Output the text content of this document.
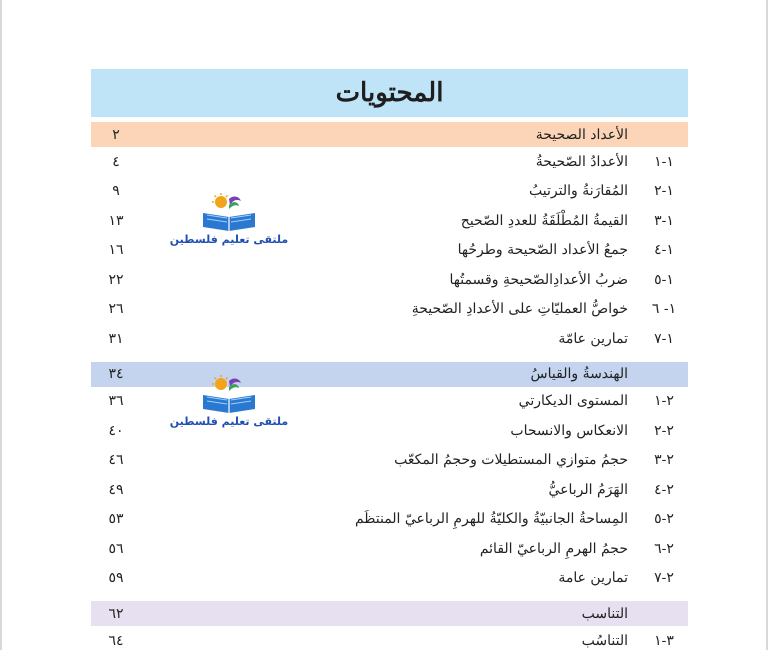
المحتويات
الأعداد الصحيحة
٢
١-١
الأعدادُ الصّحيحةُ
٤
١-٢
المُقارَنةُ والترتيبُ
٩
١-٣
القيمةُ المُطْلَقَةُ للعددِ الصّحيح
١٣
١-٤
جمعُ الأعداد الصّحيحة وطرحُها
١٦
١-٥
ضربُ الأعدادِالصّحيحةِ وقسمتُها
٢٢
١- ٦
خواصُّ العمليّاتِ على الأعدادِ الصّحيحةِ
٢٦
١-٧
تمارين عامّة
٣١
الهندسةُ والقياسُ
٣٤
٢-١
المستوى الديكارتي
٣٦
٢-٢
الانعكاس والانسحاب
٤٠
٢-٣
حجمُ متوازي المستطيلات وحجمُ المكعّب
٤٦
٢-٤
الهَرَمُ الرباعيُّ
٤٩
٢-٥
المِساحةُ الجانبيّةُ والكليّةُ للهرمِ الرباعيّ المنتظَم
٥٣
٢-٦
حجمُ الهرمِ الرباعيّ القائم
٥٦
٢-٧
تمارين عامة
٥٩
التناسب
٦٢
٣-١
التناسُب
٦٤
ملتقى تعليم فلسطين
ملتقى تعليم فلسطين
